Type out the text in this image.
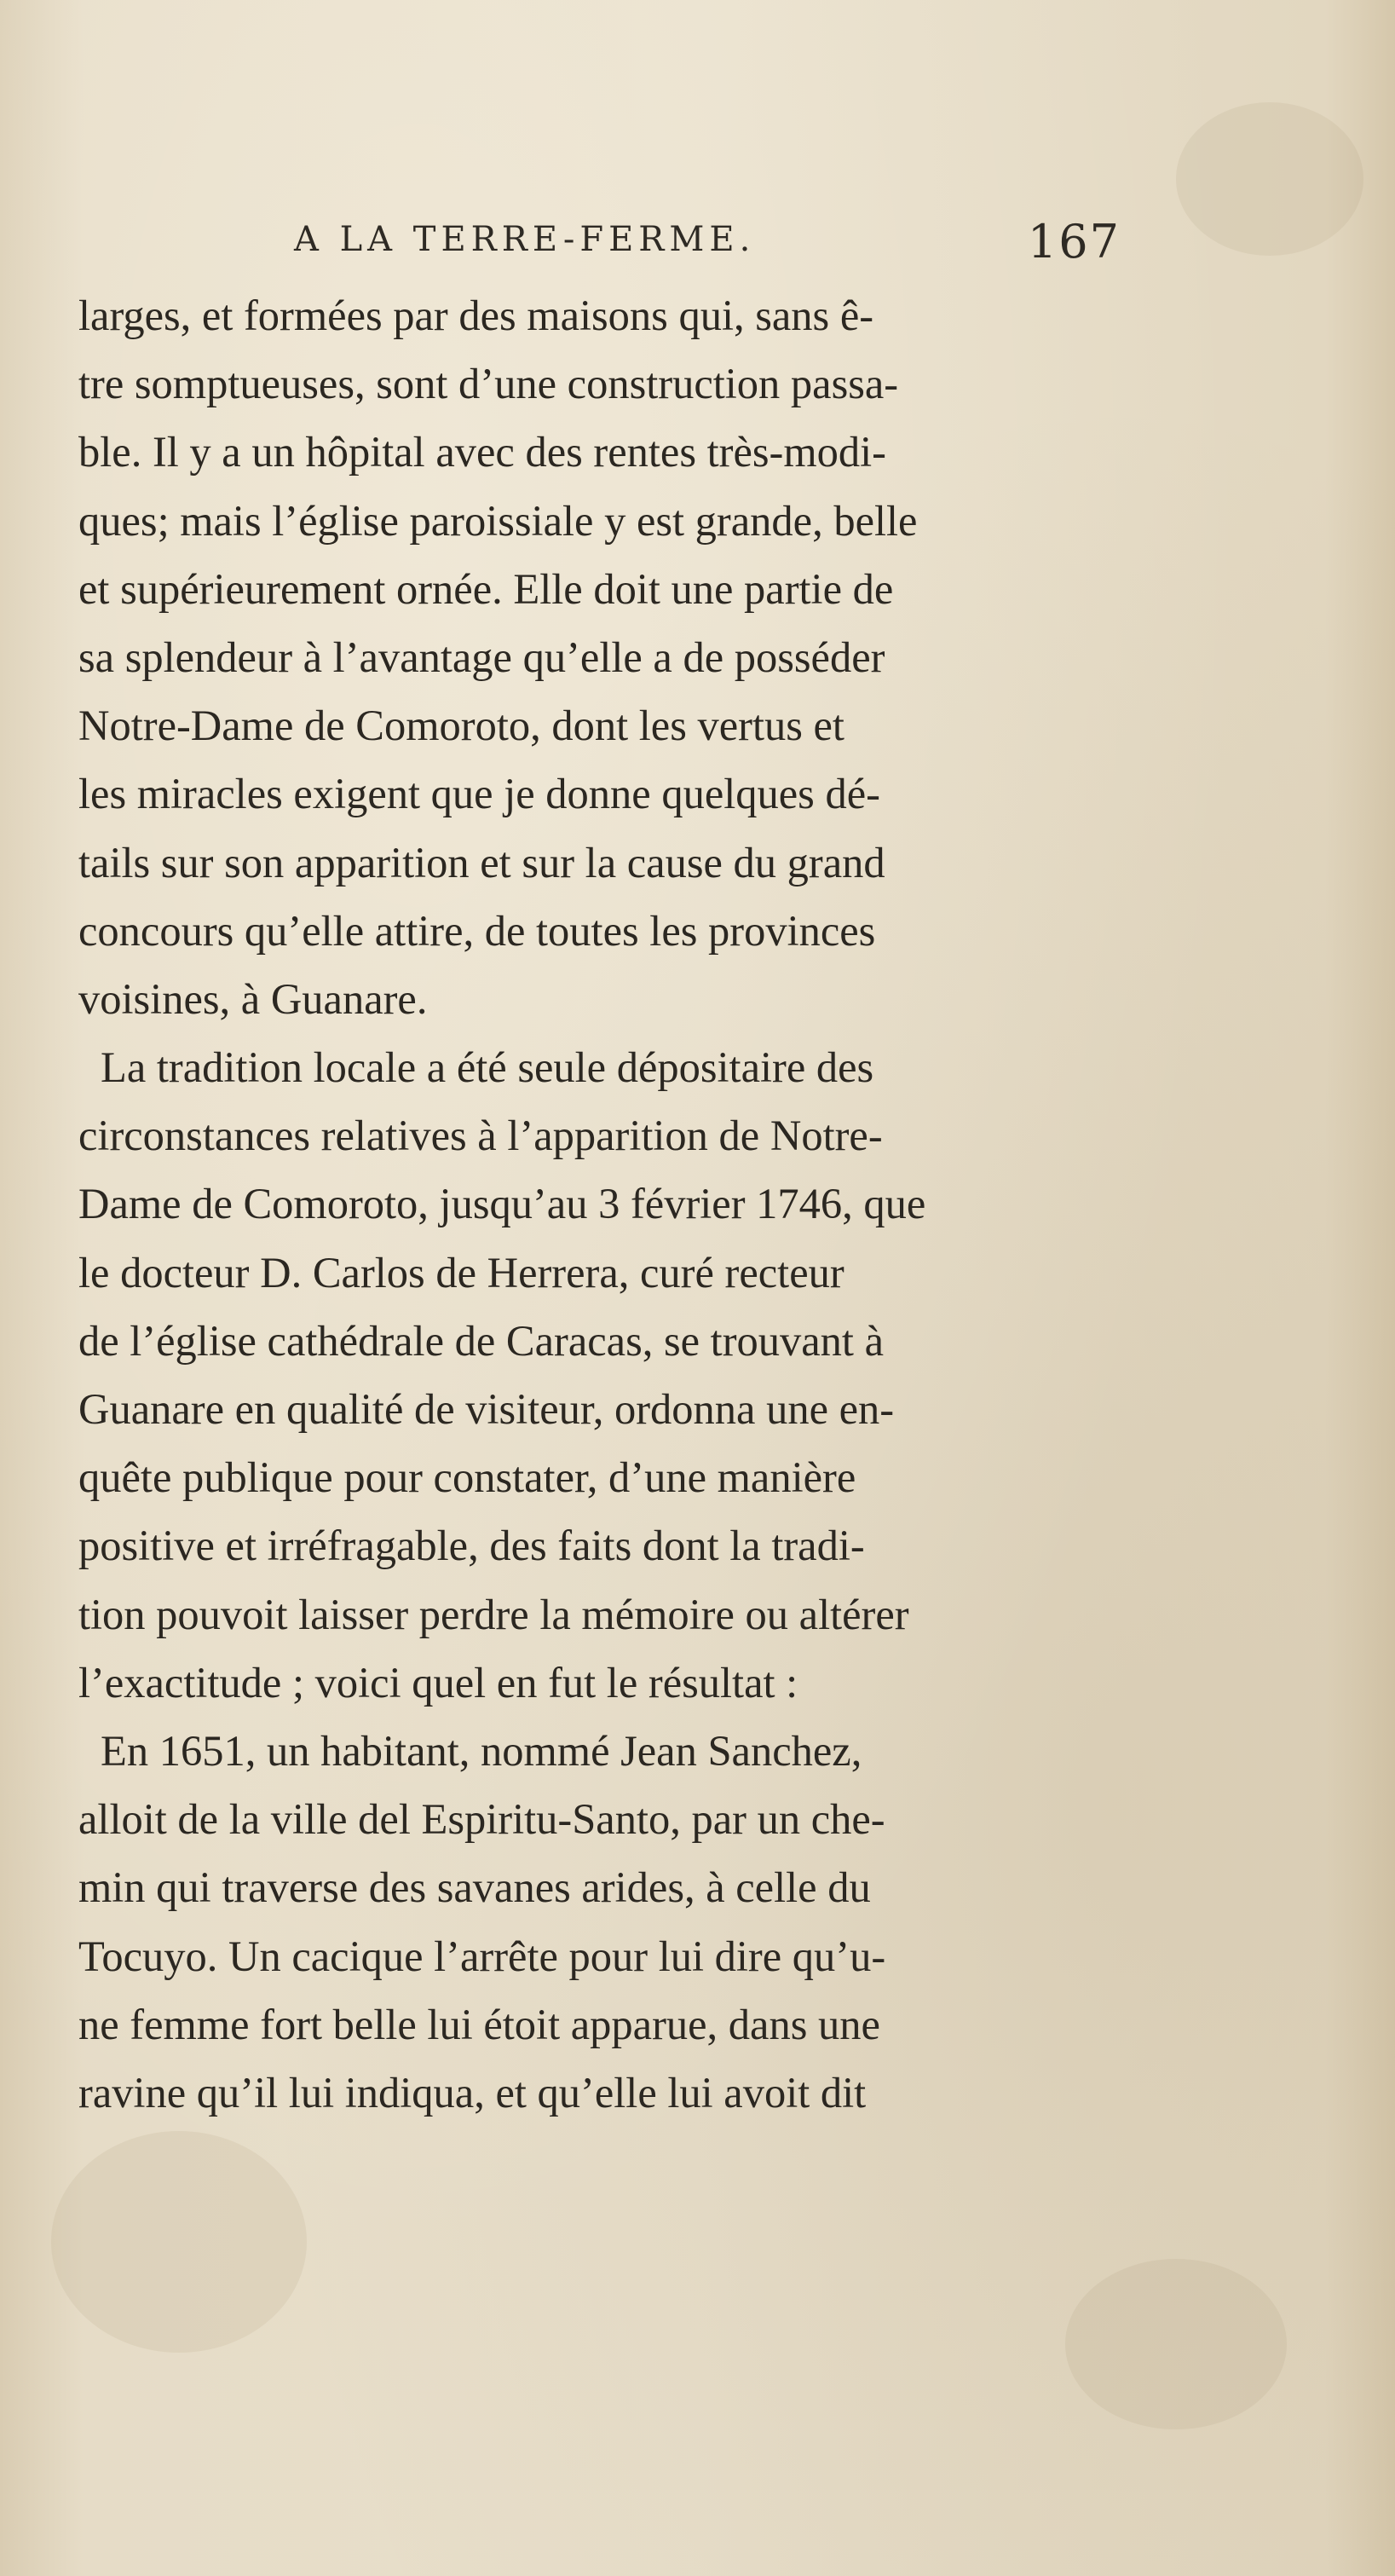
A LA TERRE-FERME.	167
larges, et formées par des maisons qui, sans ê-
tre somptueuses, sont d’une construction passa-
ble. Il y a un hôpital avec des rentes très-modi-
ques; mais l’église paroissiale y est grande, belle
et supérieurement ornée. Elle doit une partie de
sa splendeur à l’avantage qu’elle a de posséder
Notre-Dame de Comoroto, dont les vertus et
les miracles exigent que je donne quelques dé-
tails sur son apparition et sur la cause du grand
concours qu’elle attire, de toutes les provinces
voisines, à Guanare.
La tradition locale a été seule dépositaire des
circonstances relatives à l’apparition de Notre-
Dame de Comoroto, jusqu’au 3 février 1746, que
le docteur D. Carlos de Herrera, curé recteur
de l’église cathédrale de Caracas, se trouvant à
Guanare en qualité de visiteur, ordonna une en-
quête publique pour constater, d’une manière
positive et irréfragable, des faits dont la tradi-
tion pouvoit laisser perdre la mémoire ou altérer
l’exactitude ; voici quel en fut le résultat :
En 1651, un habitant, nommé Jean Sanchez,
alloit de la ville del Espiritu-Santo, par un che-
min qui traverse des savanes arides, à celle du
Tocuyo. Un cacique l’arrête pour lui dire qu’u-
ne femme fort belle lui étoit apparue, dans une
ravine qu’il lui indiqua, et qu’elle lui avoit dit
